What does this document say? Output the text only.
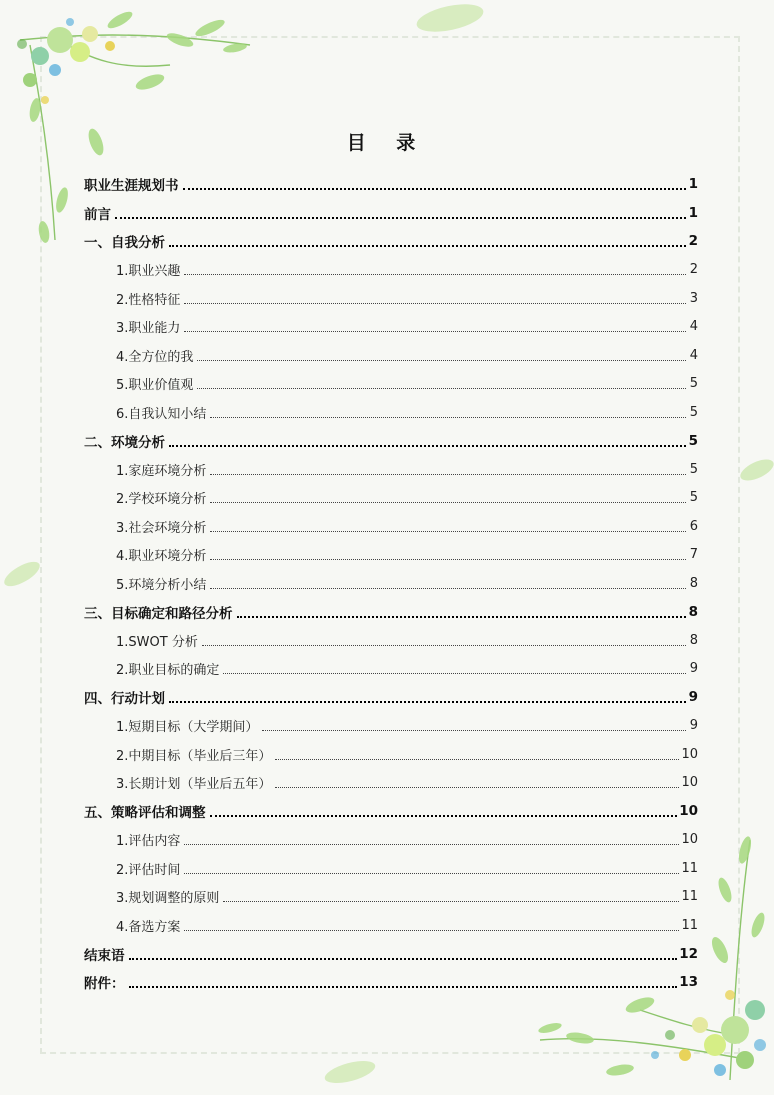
目 录
职业生涯规划书	1
前言	1
一、自我分析	2
1.职业兴趣	2
2.性格特征	3
3.职业能力	4
4.全方位的我	4
5.职业价值观	5
6.自我认知小结	5
二、环境分析	5
1.家庭环境分析	5
2.学校环境分析	5
3.社会环境分析	6
4.职业环境分析	7
5.环境分析小结	8
三、目标确定和路径分析	8
1.SWOT 分析	8
2.职业目标的确定	9
四、行动计划	9
1.短期目标（大学期间）	9
2.中期目标（毕业后三年）	10
3.长期计划（毕业后五年）	10
五、策略评估和调整	10
1.评估内容	10
2.评估时间	11
3.规划调整的原则	11
4.备选方案	11
结束语	12
附件：	13
